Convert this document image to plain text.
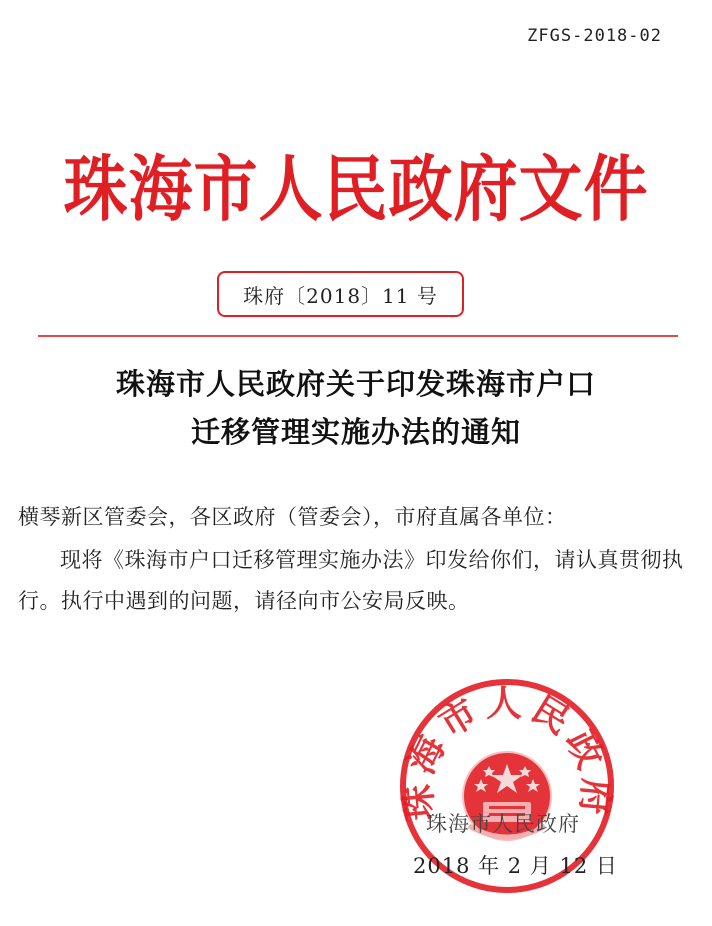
ZFGS-2018-02
珠海市人民政府文件
珠府〔2018〕11 号
珠海市人民政府关于印发珠海市户口
迁移管理实施办法的通知
横琴新区管委会，各区政府（管委会），市府直属各单位：
现将《珠海市户口迁移管理实施办法》印发给你们，请认真贯彻执行。执行中遇到的问题，请径向市公安局反映。
珠海市人民政府
珠海市人民政府
2018 年 2 月 12 日
